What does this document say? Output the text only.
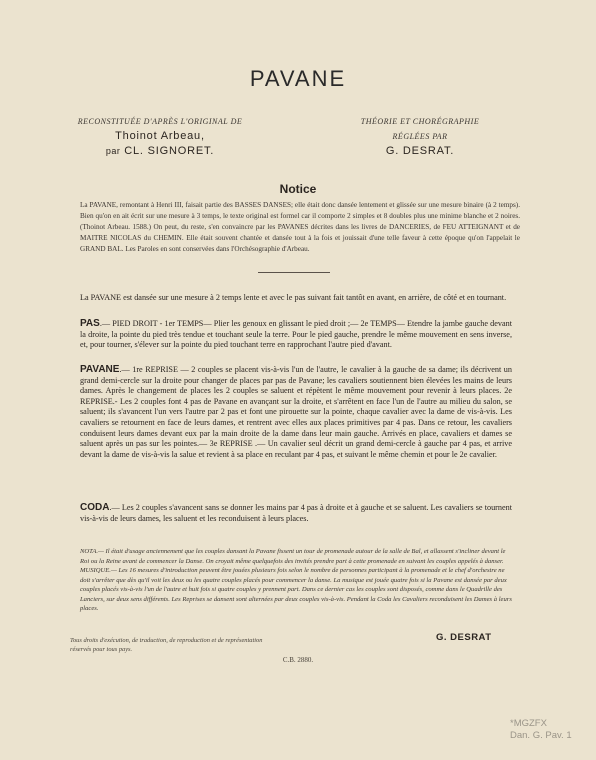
PAVANE
RECONSTITUÉE D'APRÈS L'ORIGINAL DE
Thoinot Arbeau,
par CL. SIGNORET.
THÉORIE ET CHORÉGRAPHIE
RÉGLÉES PAR
G. DESRAT.
Notice
La PAVANE, remontant à Henri III, faisait partie des BASSES DANSES; elle était donc dansée lentement et glissée sur une mesure binaire (à 2 temps). Bien qu'on en ait écrit sur une mesure à 3 temps, le texte original est formel car il comporte 2 simples et 8 doubles plus une minime blanche et 2 noires. (Thoinot Arbeau. 1588.) On peut, du reste, s'en convaincre par les PAVANES décrites dans les livres de DANCERIES, de FEU ATTEIGNANT et de MAITRE NICOLAS du CHEMIN. Elle était souvent chantée et dansée tout à la fois et jouissait d'une telle faveur à cette époque qu'on l'appelait le GRAND BAL. Les Paroles en sont conservées dans l'Orchésographie d'Arbeau.
La PAVANE est dansée sur une mesure à 2 temps lente et avec le pas suivant fait tantôt en avant, en arrière, de côté et en tournant.
PAS.— PIED DROIT - 1er TEMPS— Plier les genoux en glissant le pied droit ;— 2e TEMPS— Etendre la jambe gauche devant la droite, la pointe du pied très tendue et touchant seule la terre. Pour le pied gauche, prendre le même mouvement en sens inverse, et, pour tourner, s'élever sur la pointe du pied touchant terre en rapprochant l'autre pied d'avant.
PAVANE.— 1re REPRISE — 2 couples se placent vis-à-vis l'un de l'autre, le cavalier à la gauche de sa dame; ils décrivent un grand demi-cercle sur la droite pour changer de places par pas de Pavane; les cavaliers soutiennent bien élevées les mains de leurs dames. Après le changement de places les 2 couples se saluent et répètent le même mouvement pour revenir à leurs places. 2e REPRISE.- Les 2 couples font 4 pas de Pavane en avançant sur la droite, et s'arrêtent en face l'un de l'autre au milieu du salon, se saluent; ils s'avancent l'un vers l'autre par 2 pas et font une pirouette sur la pointe, chaque cavalier avec la dame de vis-à-vis. Les cavaliers se retournent en face de leurs dames, et rentrent avec elles aux places primitives par 4 pas. Dans ce retour, les cavaliers conduisent leurs dames devant eux par la main droite de la dame dans leur main gauche. Arrivés en place, cavaliers et dames se saluent après un pas sur les pointes.— 3e REPRISE .— Un cavalier seul décrit un grand demi-cercle à gauche par 4 pas, et arrive devant la dame de vis-à-vis la salue et revient à sa place en reculant par 4 pas, et suivant le même chemin et pour le 2e cavalier.
CODA.— Les 2 couples s'avancent sans se donner les mains par 4 pas à droite et à gauche et se saluent. Les cavaliers se tournent vis-à-vis de leurs dames, les saluent et les reconduisent à leurs places.
NOTA.— Il était d'usage anciennement que les couples dansant la Pavane fissent un tour de promenade autour de la salle de Bal, et allassent s'incliner devant le Roi ou la Reine avant de commencer la Danse. On croyait même quelquefois des invités prendre part à cette promenade en suivant les couples appelés à danser.
MUSIQUE.— Les 16 mesures d'introduction peuvent être jouées plusieurs fois selon le nombre de personnes participant à la promenade et le chef d'orchestre ne doit s'arrêter que dès qu'il voit les deux ou les quatre couples placés pour commencer la danse. La musique est jouée quatre fois si la Pavane est dansée par deux couples placés vis-à-vis l'un de l'autre et huit fois si quatre couples y prennent part. Dans ce dernier cas les couples sont disposés, comme dans le Quadrille des Lanciers, sur deux sens différents. Les Reprises se dansent sont alternées par deux couples vis-à-vis. Pendant la Coda les Cavaliers reconduisent les Dames à leurs places.
Tous droits d'exécution, de traduction, de reproduction et de représentation réservés pour tous pays.
G. DESRAT
C.B. 2880.
*MGZFX
Dan. G. Pav. 1
